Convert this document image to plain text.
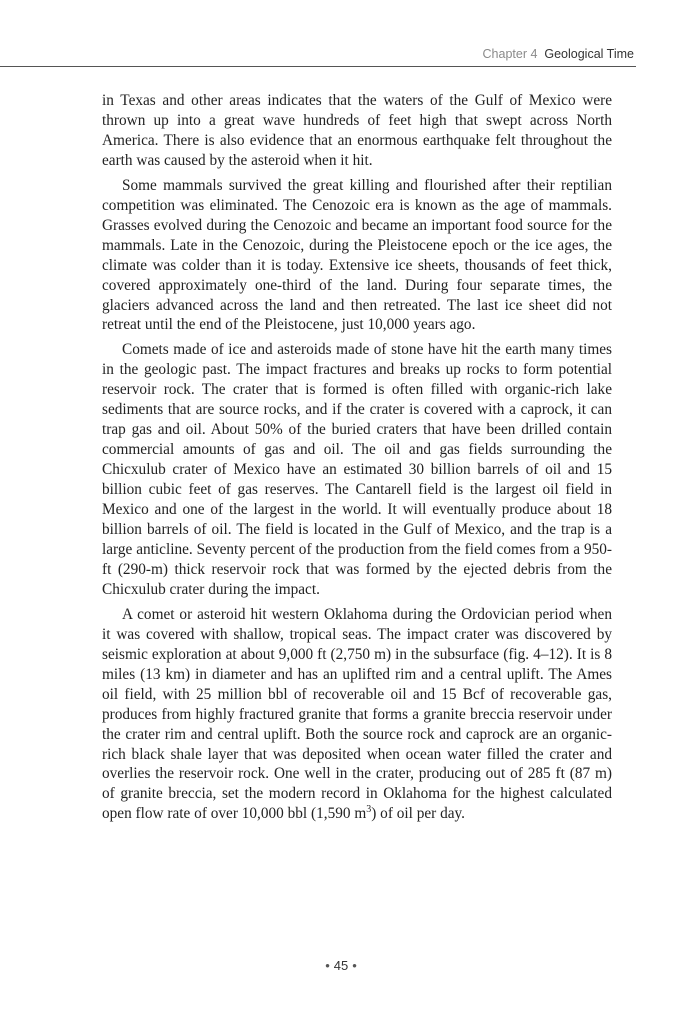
Chapter 4 Geological Time

in Texas and other areas indicates that the waters of the Gulf of Mexico were thrown up into a great wave hundreds of feet high that swept across North America. There is also evidence that an enormous earthquake felt throughout the earth was caused by the asteroid when it hit.

Some mammals survived the great killing and flourished after their reptilian competition was eliminated. The Cenozoic era is known as the age of mammals. Grasses evolved during the Cenozoic and became an important food source for the mammals. Late in the Cenozoic, during the Pleistocene epoch or the ice ages, the climate was colder than it is today. Extensive ice sheets, thousands of feet thick, covered approximately one-third of the land. During four separate times, the glaciers advanced across the land and then retreated. The last ice sheet did not retreat until the end of the Pleistocene, just 10,000 years ago.

Comets made of ice and asteroids made of stone have hit the earth many times in the geologic past. The impact fractures and breaks up rocks to form potential reservoir rock. The crater that is formed is often filled with organic-rich lake sediments that are source rocks, and if the crater is covered with a caprock, it can trap gas and oil. About 50% of the buried craters that have been drilled contain commercial amounts of gas and oil. The oil and gas fields surrounding the Chicxulub crater of Mexico have an estimated 30 billion barrels of oil and 15 billion cubic feet of gas reserves. The Cantarell field is the largest oil field in Mexico and one of the largest in the world. It will eventually produce about 18 billion barrels of oil. The field is located in the Gulf of Mexico, and the trap is a large anticline. Seventy percent of the production from the field comes from a 950-ft (290-m) thick reservoir rock that was formed by the ejected debris from the Chicxulub crater during the impact.

A comet or asteroid hit western Oklahoma during the Ordovician period when it was covered with shallow, tropical seas. The impact crater was discovered by seismic exploration at about 9,000 ft (2,750 m) in the subsurface (fig. 4–12). It is 8 miles (13 km) in diameter and has an uplifted rim and a central uplift. The Ames oil field, with 25 million bbl of recoverable oil and 15 Bcf of recoverable gas, produces from highly fractured granite that forms a granite breccia reservoir under the crater rim and central uplift. Both the source rock and caprock are an organic-rich black shale layer that was deposited when ocean water filled the crater and overlies the reservoir rock. One well in the crater, producing out of 285 ft (87 m) of granite breccia, set the modern record in Oklahoma for the highest calculated open flow rate of over 10,000 bbl (1,590 $m^3$) of oil per day.

• 45 •
